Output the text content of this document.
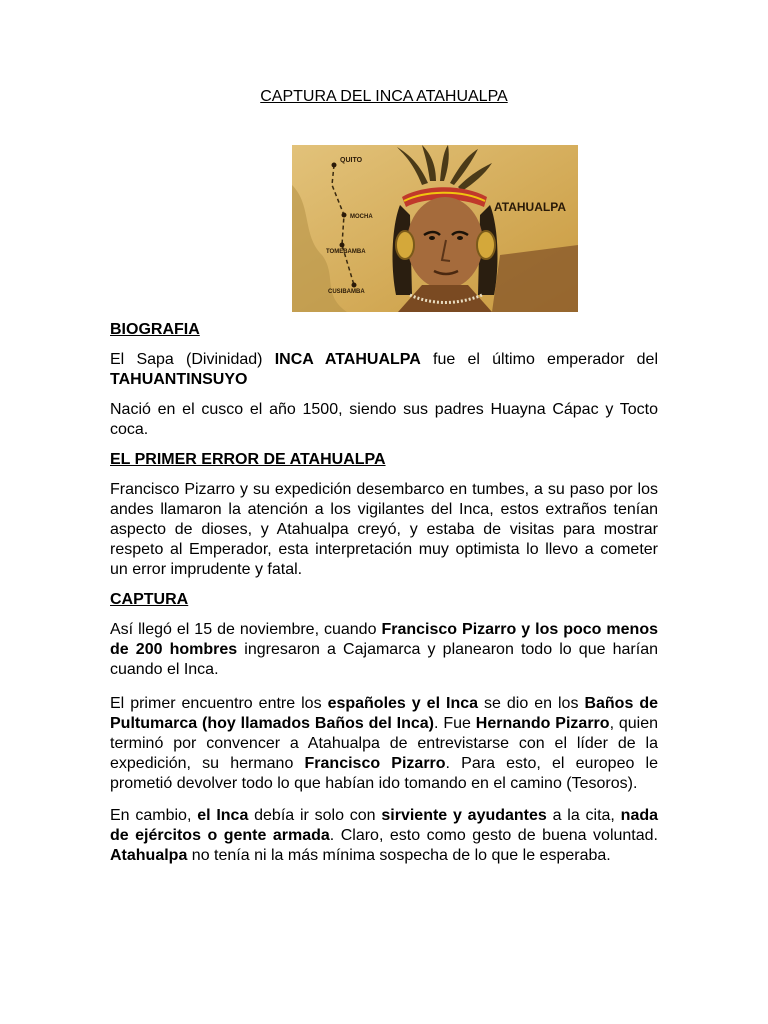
CAPTURA DEL INCA ATAHUALPA
QUITO
MOCHA
TOMEBAMBA
CUSIBAMBA
ATAHUALPA
BIOGRAFIA

El Sapa (Divinidad) INCA ATAHUALPA fue el último emperador del TAHUANTINSUYO

Nació en el cusco el año 1500, siendo sus padres Huayna Cápac y Tocto coca.

EL PRIMER ERROR DE ATAHUALPA

Francisco Pizarro y su expedición desembarco en tumbes, a su paso por los andes llamaron la atención a los vigilantes del Inca, estos extraños tenían aspecto de dioses, y Atahualpa creyó, y estaba de visitas para mostrar respeto al Emperador, esta interpretación muy optimista lo llevo a cometer un error imprudente y fatal.

CAPTURA

Así llegó el 15 de noviembre, cuando Francisco Pizarro y los poco menos de 200 hombres ingresaron a Cajamarca y planearon todo lo que harían cuando el Inca.

El primer encuentro entre los españoles y el Inca se dio en los Baños de Pultumarca (hoy llamados Baños del Inca). Fue Hernando Pizarro, quien terminó por convencer a Atahualpa de entrevistarse con el líder de la expedición, su hermano Francisco Pizarro. Para esto, el europeo le prometió devolver todo lo que habían ido tomando en el camino (Tesoros).

En cambio, el Inca debía ir solo con sirviente y ayudantes a la cita, nada de ejércitos o gente armada. Claro, esto como gesto de buena voluntad. Atahualpa no tenía ni la más mínima sospecha de lo que le esperaba.
